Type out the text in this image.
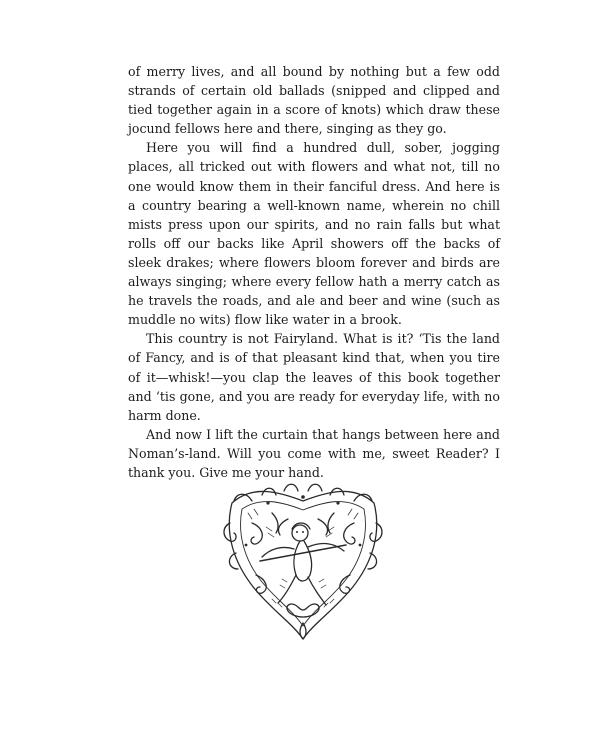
of merry lives, and all bound by nothing but a few odd strands of certain old ballads (snipped and clipped and tied together again in a score of knots) which draw these jocund fellows here and there, singing as they go.

Here you will find a hundred dull, sober, jogging places, all tricked out with flowers and what not, till no one would know them in their fanciful dress. And here is a country bearing a well-known name, wherein no chill mists press upon our spirits, and no rain falls but what rolls off our backs like April showers off the backs of sleek drakes; where flowers bloom forever and birds are always singing; where every fellow hath a merry catch as he travels the roads, and ale and beer and wine (such as muddle no wits) flow like water in a brook.

This country is not Fairyland. What is it? ‘Tis the land of Fancy, and is of that pleasant kind that, when you tire of it—whisk!—you clap the leaves of this book together and ‘tis gone, and you are ready for everyday life, with no harm done.

And now I lift the curtain that hangs between here and Noman’s-land. Will you come with me, sweet Reader? I thank you. Give me your hand.
